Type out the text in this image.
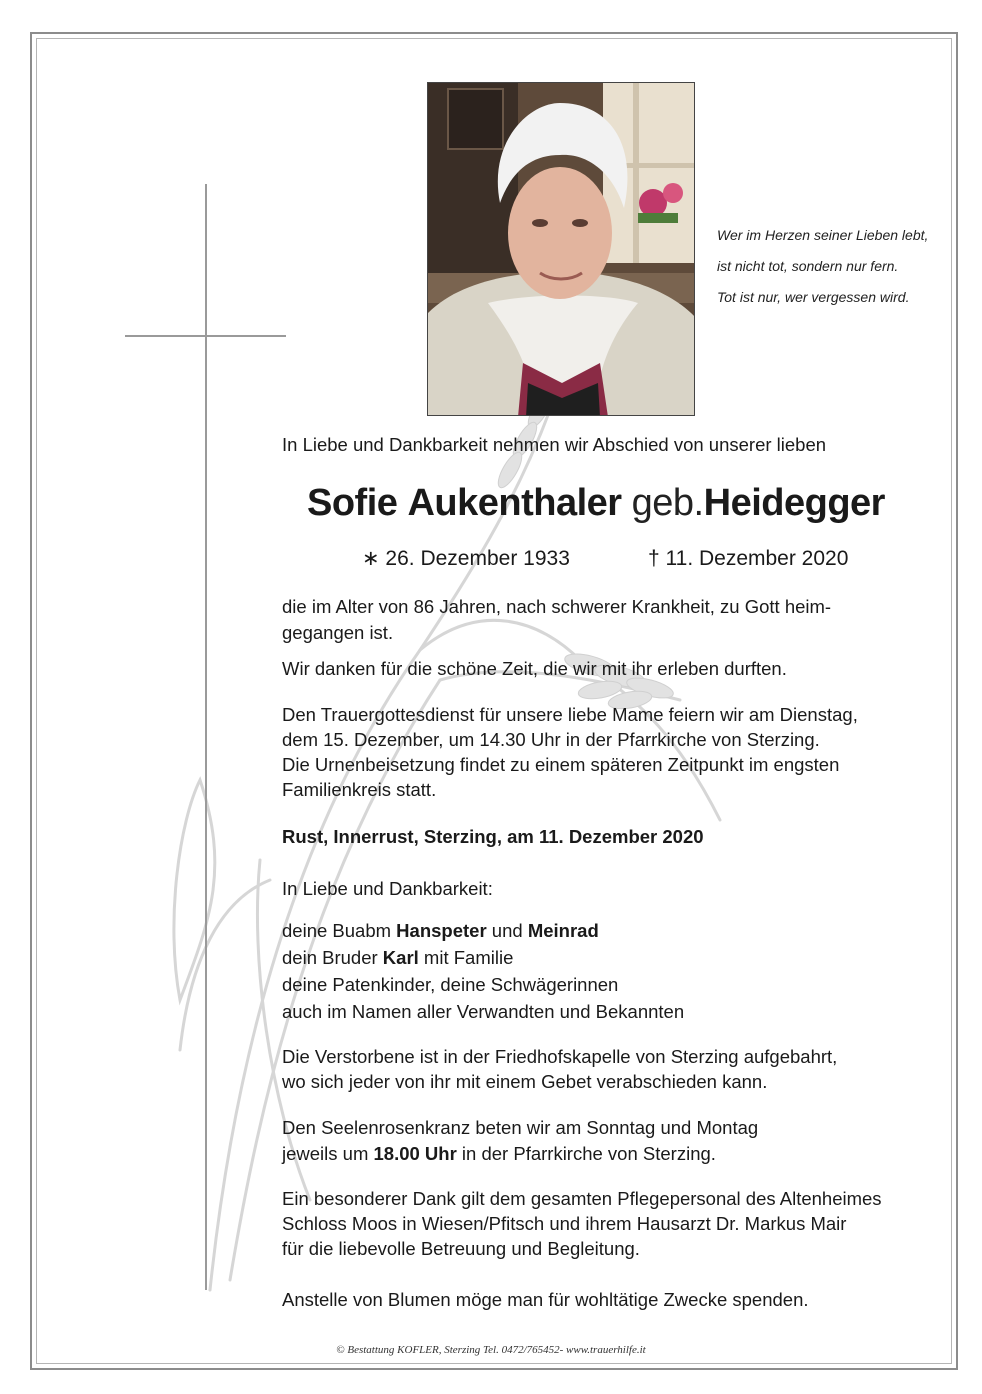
Wer im Herzen seiner Lieben lebt,
ist nicht tot, sondern nur fern.
Tot ist nur, wer vergessen wird.
In Liebe und Dankbarkeit nehmen wir Abschied von unserer lieben
Sofie Aukenthaler geb.Heidegger
∗ 26. Dezember 1933	† 11. Dezember 2020
die im Alter von 86 Jahren, nach schwerer Krankheit, zu Gott heim-
gegangen ist.
Wir danken für die schöne Zeit, die wir mit ihr erleben durften.
Den Trauergottesdienst für unsere liebe Mame feiern wir am Dienstag,
dem 15. Dezember, um 14.30 Uhr in der Pfarrkirche von Sterzing.
Die Urnenbeisetzung findet zu einem späteren Zeitpunkt im engsten
Familienkreis statt.
Rust, Innerrust, Sterzing, am 11. Dezember 2020
In Liebe und Dankbarkeit:
deine Buabm Hanspeter und Meinrad
dein Bruder Karl mit Familie
deine Patenkinder, deine Schwägerinnen
auch im Namen aller Verwandten und Bekannten
Die Verstorbene ist in der Friedhofskapelle von Sterzing aufgebahrt,
wo sich jeder von ihr mit einem Gebet verabschieden kann.
Den Seelenrosenkranz beten wir am Sonntag und Montag
jeweils um 18.00 Uhr in der Pfarrkirche von Sterzing.
Ein besonderer Dank gilt dem gesamten Pflegepersonal des Altenheimes
Schloss Moos in Wiesen/Pfitsch und ihrem Hausarzt Dr. Markus Mair
für die liebevolle Betreuung und Begleitung.
Anstelle von Blumen möge man für wohltätige Zwecke spenden.
© Bestattung KOFLER, Sterzing Tel. 0472/765452- www.trauerhilfe.it
